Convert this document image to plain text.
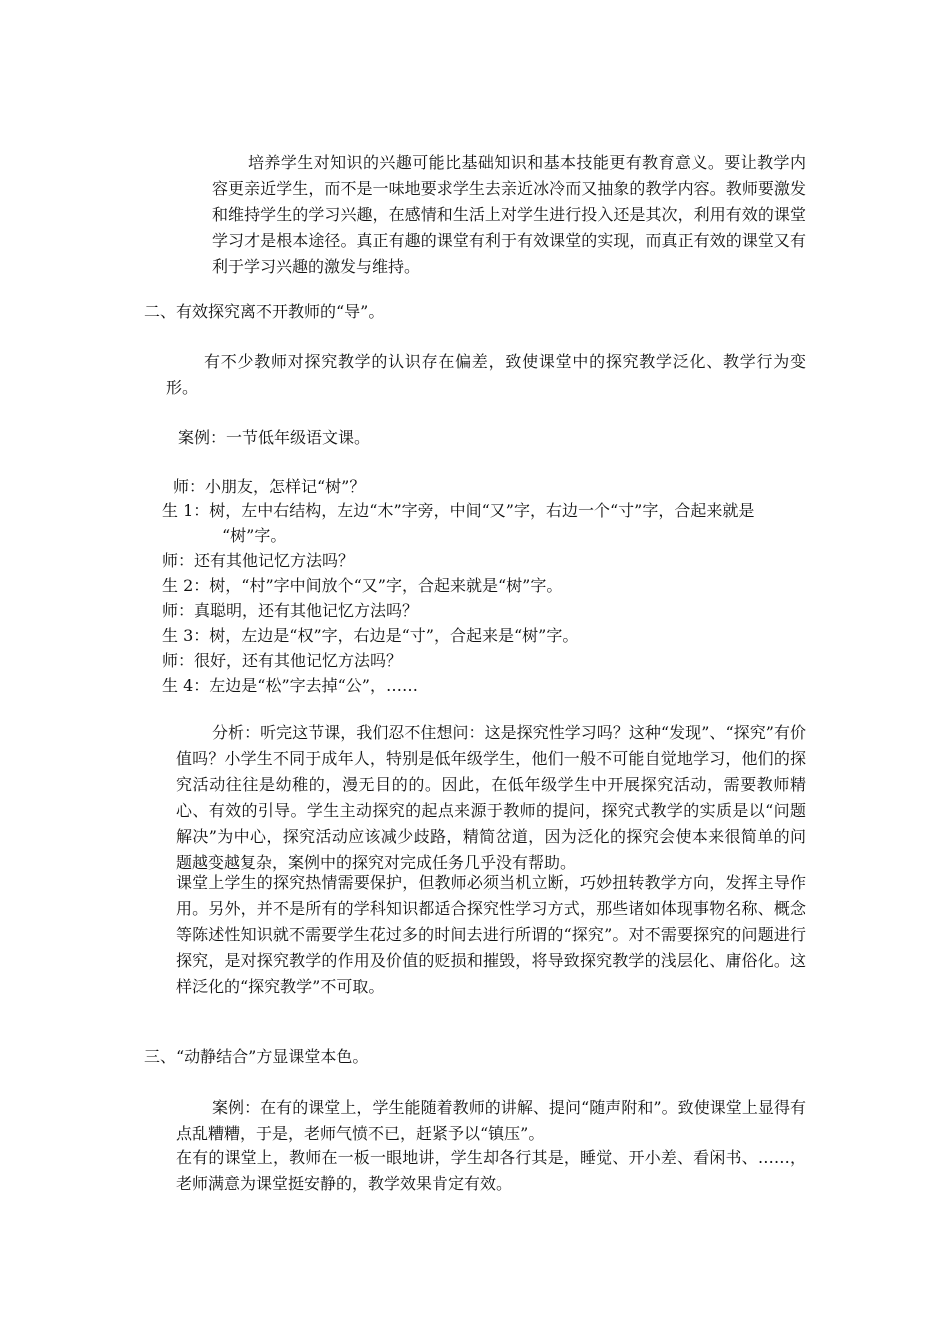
培养学生对知识的兴趣可能比基础知识和基本技能更有教育意义。要让教学内容更亲近学生，而不是一味地要求学生去亲近冰冷而又抽象的教学内容。教师要激发和维持学生的学习兴趣，在感情和生活上对学生进行投入还是其次，利用有效的课堂学习才是根本途径。真正有趣的课堂有利于有效课堂的实现，而真正有效的课堂又有利于学习兴趣的激发与维持。

二、有效探究离不开教师的“导”。

有不少教师对探究教学的认识存在偏差，致使课堂中的探究教学泛化、教学行为变形。

案例：一节低年级语文课。

师：小朋友，怎样记“树”？

生 1：树，左中右结构，左边“木”字旁，中间“又”字，右边一个“寸”字，合起来就是

“树”字。

师：还有其他记忆方法吗？

生 2：树，“村”字中间放个“又”字，合起来就是“树”字。

师：真聪明，还有其他记忆方法吗？

生 3：树，左边是“权”字，右边是“寸”，合起来是“树”字。

师：很好，还有其他记忆方法吗？

生 4：左边是“松”字去掉“公”，……

分析：听完这节课，我们忍不住想问：这是探究性学习吗？这种“发现”、“探究”有价值吗？小学生不同于成年人，特别是低年级学生，他们一般不可能自觉地学习，他们的探究活动往往是幼稚的，漫无目的的。因此，在低年级学生中开展探究活动，需要教师精心、有效的引导。学生主动探究的起点来源于教师的提问，探究式教学的实质是以“问题解决”为中心，探究活动应该减少歧路，精简岔道，因为泛化的探究会使本来很简单的问题越变越复杂，案例中的探究对完成任务几乎没有帮助。

课堂上学生的探究热情需要保护，但教师必须当机立断，巧妙扭转教学方向，发挥主导作用。另外，并不是所有的学科知识都适合探究性学习方式，那些诸如体现事物名称、概念等陈述性知识就不需要学生花过多的时间去进行所谓的“探究”。对不需要探究的问题进行探究，是对探究教学的作用及价值的贬损和摧毁，将导致探究教学的浅层化、庸俗化。这样泛化的“探究教学”不可取。

三、“动静结合”方显课堂本色。

案例：在有的课堂上，学生能随着教师的讲解、提问“随声附和”。致使课堂上显得有点乱糟糟，于是，老师气愤不已，赶紧予以“镇压”。

在有的课堂上，教师在一板一眼地讲，学生却各行其是，睡觉、开小差、看闲书、……，老师满意为课堂挺安静的，教学效果肯定有效。
